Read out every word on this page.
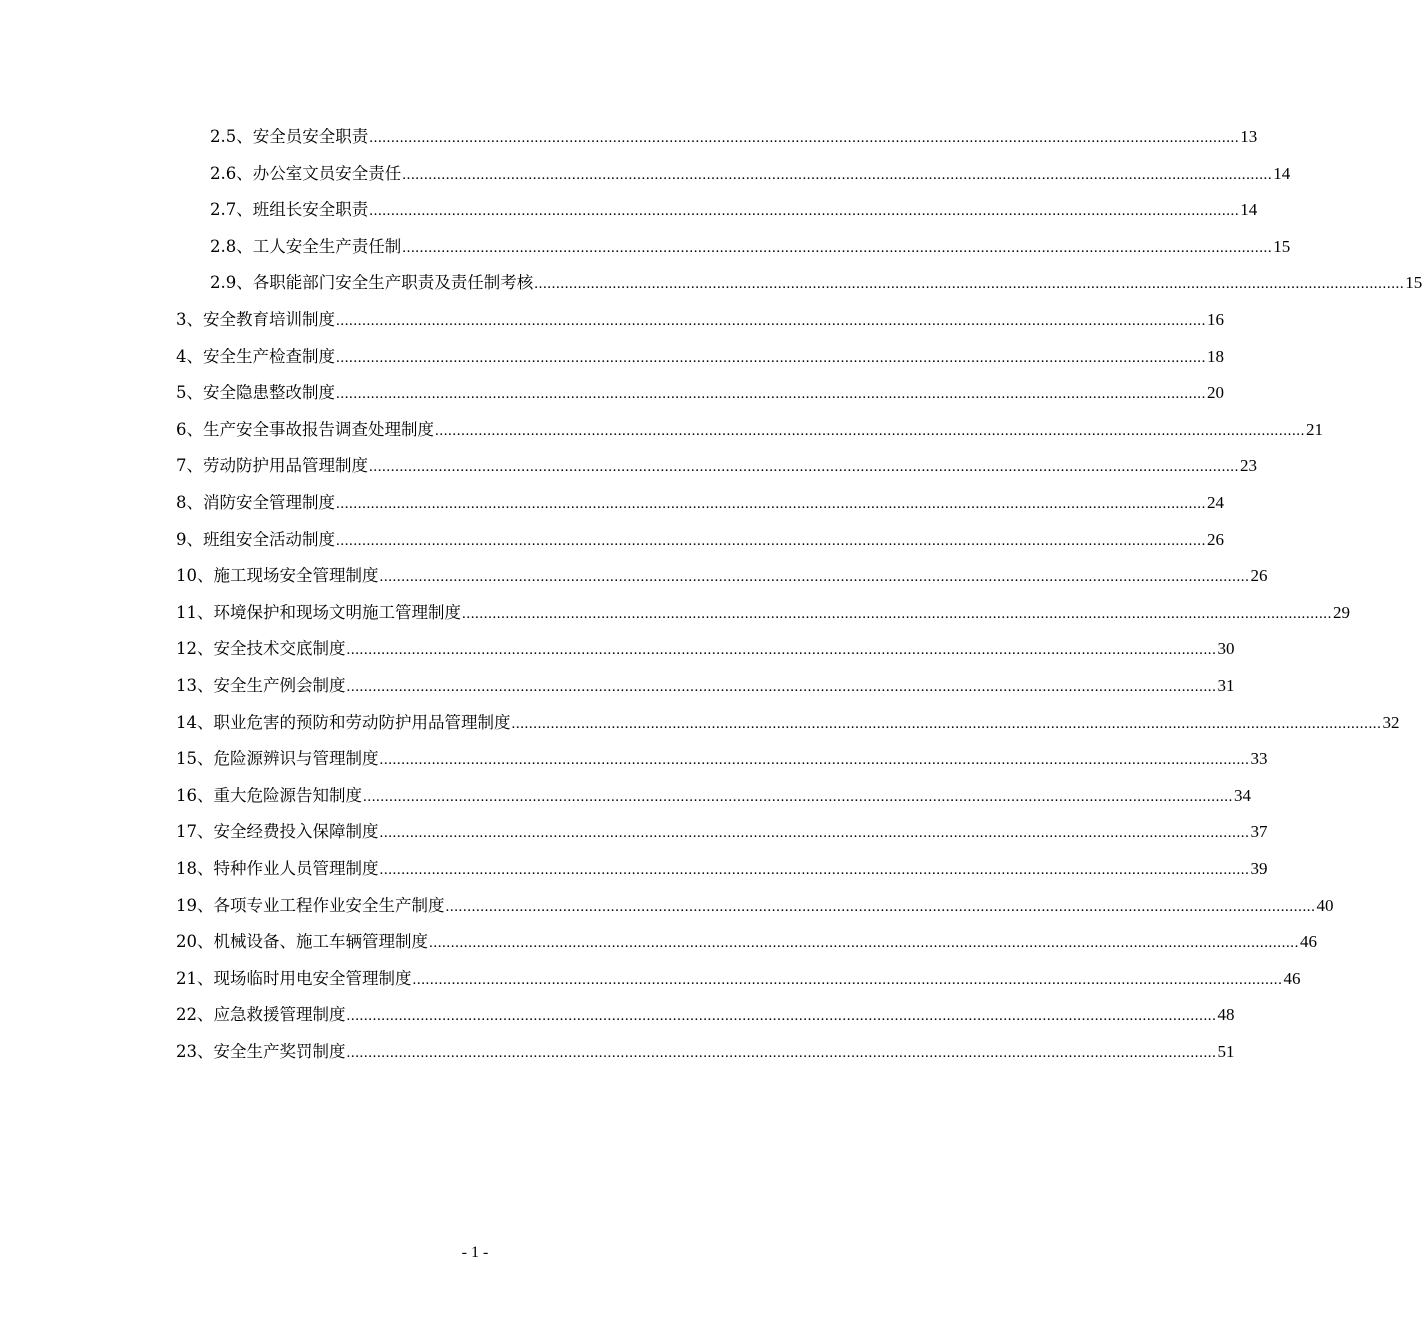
2.5、安全员安全职责 ........................................................................................................................................................................................................ 13
2.6、办公室文员安全责任 ........................................................................................................................................................................................................ 14
2.7、班组长安全职责 ........................................................................................................................................................................................................ 14
2.8、工人安全生产责任制 ........................................................................................................................................................................................................ 15
2.9、各职能部门安全生产职责及责任制考核 ........................................................................................................................................................................................................ 15
3、安全教育培训制度 ........................................................................................................................................................................................................ 16
4、安全生产检查制度 ........................................................................................................................................................................................................ 18
5、安全隐患整改制度 ........................................................................................................................................................................................................ 20
6、生产安全事故报告调查处理制度 ........................................................................................................................................................................................................ 21
7、劳动防护用品管理制度 ........................................................................................................................................................................................................ 23
8、消防安全管理制度 ........................................................................................................................................................................................................ 24
9、班组安全活动制度 ........................................................................................................................................................................................................ 26
10、施工现场安全管理制度 ........................................................................................................................................................................................................ 26
11、环境保护和现场文明施工管理制度 ........................................................................................................................................................................................................ 29
12、安全技术交底制度 ........................................................................................................................................................................................................ 30
13、安全生产例会制度 ........................................................................................................................................................................................................ 31
14、职业危害的预防和劳动防护用品管理制度 ........................................................................................................................................................................................................ 32
15、危险源辨识与管理制度 ........................................................................................................................................................................................................ 33
16、重大危险源告知制度 ........................................................................................................................................................................................................ 34
17、安全经费投入保障制度 ........................................................................................................................................................................................................ 37
18、特种作业人员管理制度 ........................................................................................................................................................................................................ 39
19、各项专业工程作业安全生产制度 ........................................................................................................................................................................................................ 40
20、机械设备、施工车辆管理制度 ........................................................................................................................................................................................................ 46
21、现场临时用电安全管理制度 ........................................................................................................................................................................................................ 46
22、应急救援管理制度 ........................................................................................................................................................................................................ 48
23、安全生产奖罚制度 ........................................................................................................................................................................................................ 51
- 1 -
